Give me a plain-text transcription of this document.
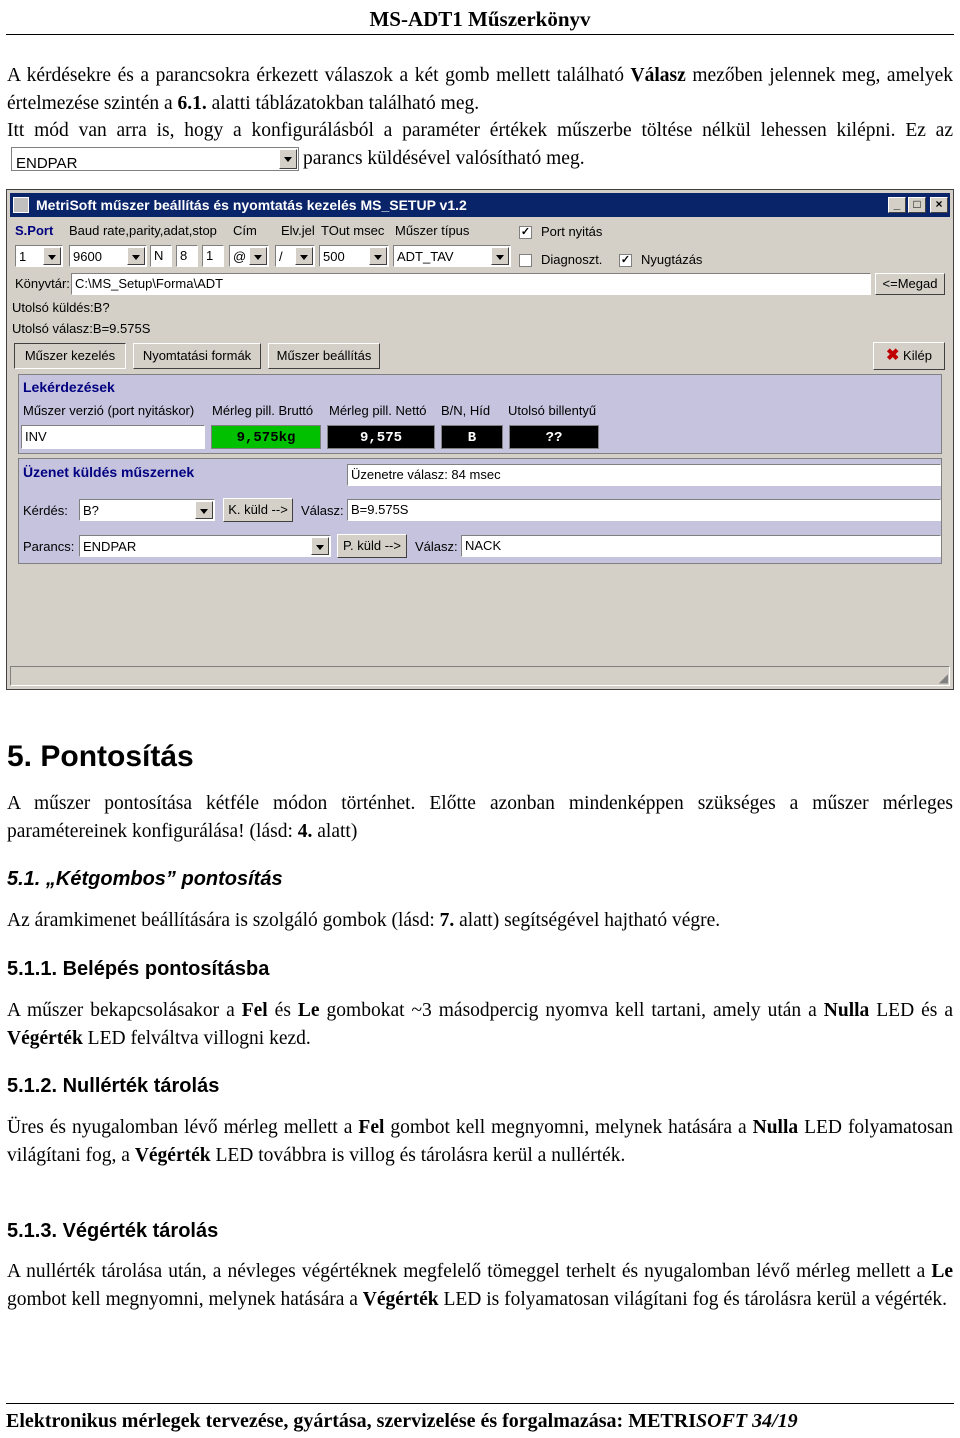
MS-ADT1 Műszerkönyv
A kérdésekre és a parancsokra érkezett válaszok a két gomb mellett található Válasz mezőben jelennek meg, amelyek értelmezése szintén a 6.1. alatti táblázatokban található meg.
Itt mód van arra is, hogy a konfigurálásból a paraméter értékek műszerbe töltése nélkül lehessen kilépni. Ez az
ENDPAR	parancs küldésével valósítható meg.
MetriSoft műszer beállítás és nyomtatás kezelés MS_SETUP v1.2	_	□	×
S.Port Baud rate,parity,adat,stop Cím Elv.jel TOut msec Műszer típus
1	9600	N	8	1	@	/	500	ADT_TAV
✓ Port nyitás
Diagnoszt. ✓ Nyugtázás
Könyvtár: C:\MS_Setup\Forma\ADT	<=Megad
Utolsó küldés:B?
Utolsó válasz:B=9.575S
Műszer kezelés	Nyomtatási formák	Műszer beállítás	✖ Kilép
Lekérdezések
Műszer verzió (port nyitáskor) Mérleg pill. Bruttó Mérleg pill. Nettó B/N, Híd Utolsó billentyű
INV	9,575kg	9,575	B	??
Üzenet küldés műszernek	Üzenetre válasz: 84 msec
Kérdés: B?	K. küld -->	Válasz: B=9.575S
Parancs: ENDPAR	P. küld -->	Válasz: NACK
◢
5. Pontosítás
A műszer pontosítása kétféle módon történhet. Előtte azonban mindenképpen szükséges a műszer mérleges paramétereinek konfigurálása! (lásd: 4. alatt)
5.1. „Kétgombos” pontosítás
Az áramkimenet beállítására is szolgáló gombok (lásd: 7. alatt) segítségével hajtható végre.
5.1.1. Belépés pontosításba
A műszer bekapcsolásakor a Fel és Le gombokat ~3 másodpercig nyomva kell tartani, amely után a Nulla LED és a Végérték LED felváltva villogni kezd.
5.1.2. Nullérték tárolás
Üres és nyugalomban lévő mérleg mellett a Fel gombot kell megnyomni, melynek hatására a Nulla LED folyamatosan világítani fog, a Végérték LED továbbra is villog és tárolásra kerül a nullérték.
5.1.3. Végérték tárolás
A nullérték tárolása után, a névleges végértéknek megfelelő tömeggel terhelt és nyugalomban lévő mérleg mellett a Le gombot kell megnyomni, melynek hatására a Végérték LED is folyamatosan világítani fog és tárolásra kerül a végérték.
Elektronikus mérlegek tervezése, gyártása, szervizelése és forgalmazása: METRISOFT 34/19
